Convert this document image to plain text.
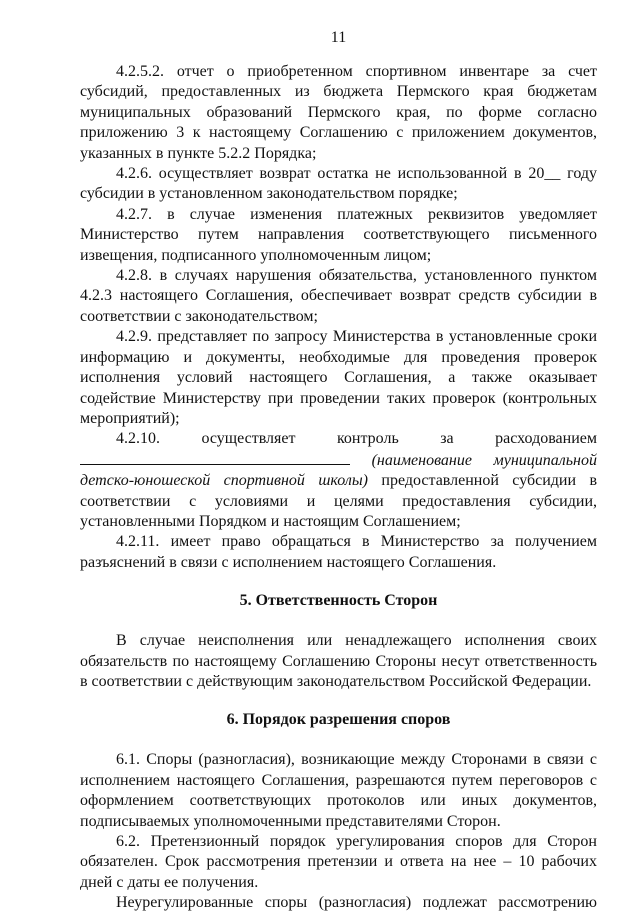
11

4.2.5.2. отчет о приобретенном спортивном инвентаре за счет субсидий, предоставленных из бюджета Пермского края бюджетам муниципальных образований Пермского края, по форме согласно приложению 3 к настоящему Соглашению с приложением документов, указанных в пункте 5.2.2 Порядка;

4.2.6. осуществляет возврат остатка не использованной в 20__ году субсидии в установленном законодательством порядке;

4.2.7. в случае изменения платежных реквизитов уведомляет Министерство путем направления соответствующего письменного извещения, подписанного уполномоченным лицом;

4.2.8. в случаях нарушения обязательства, установленного пунктом 4.2.3 настоящего Соглашения, обеспечивает возврат средств субсидии в соответствии с законодательством;

4.2.9. представляет по запросу Министерства в установленные сроки информацию и документы, необходимые для проведения проверок исполнения условий настоящего Соглашения, а также оказывает содействие Министерству при проведении таких проверок (контрольных мероприятий);

4.2.10. осуществляет контроль за расходованием  (наименование муниципальной детско-юношеской спортивной школы) предоставленной субсидии в соответствии с условиями и целями предоставления субсидии, установленными Порядком и настоящим Соглашением;

4.2.11. имеет право обращаться в Министерство за получением разъяснений в связи с исполнением настоящего Соглашения.

5. Ответственность Сторон

В случае неисполнения или ненадлежащего исполнения своих обязательств по настоящему Соглашению Стороны несут ответственность в соответствии с действующим законодательством Российской Федерации.

6. Порядок разрешения споров

6.1. Споры (разногласия), возникающие между Сторонами в связи с исполнением настоящего Соглашения, разрешаются путем переговоров с оформлением соответствующих протоколов или иных документов, подписываемых уполномоченными представителями Сторон.

6.2. Претензионный порядок урегулирования споров для Сторон обязателен. Срок рассмотрения претензии и ответа на нее – 10 рабочих дней с даты ее получения.

Неурегулированные споры (разногласия) подлежат рассмотрению
